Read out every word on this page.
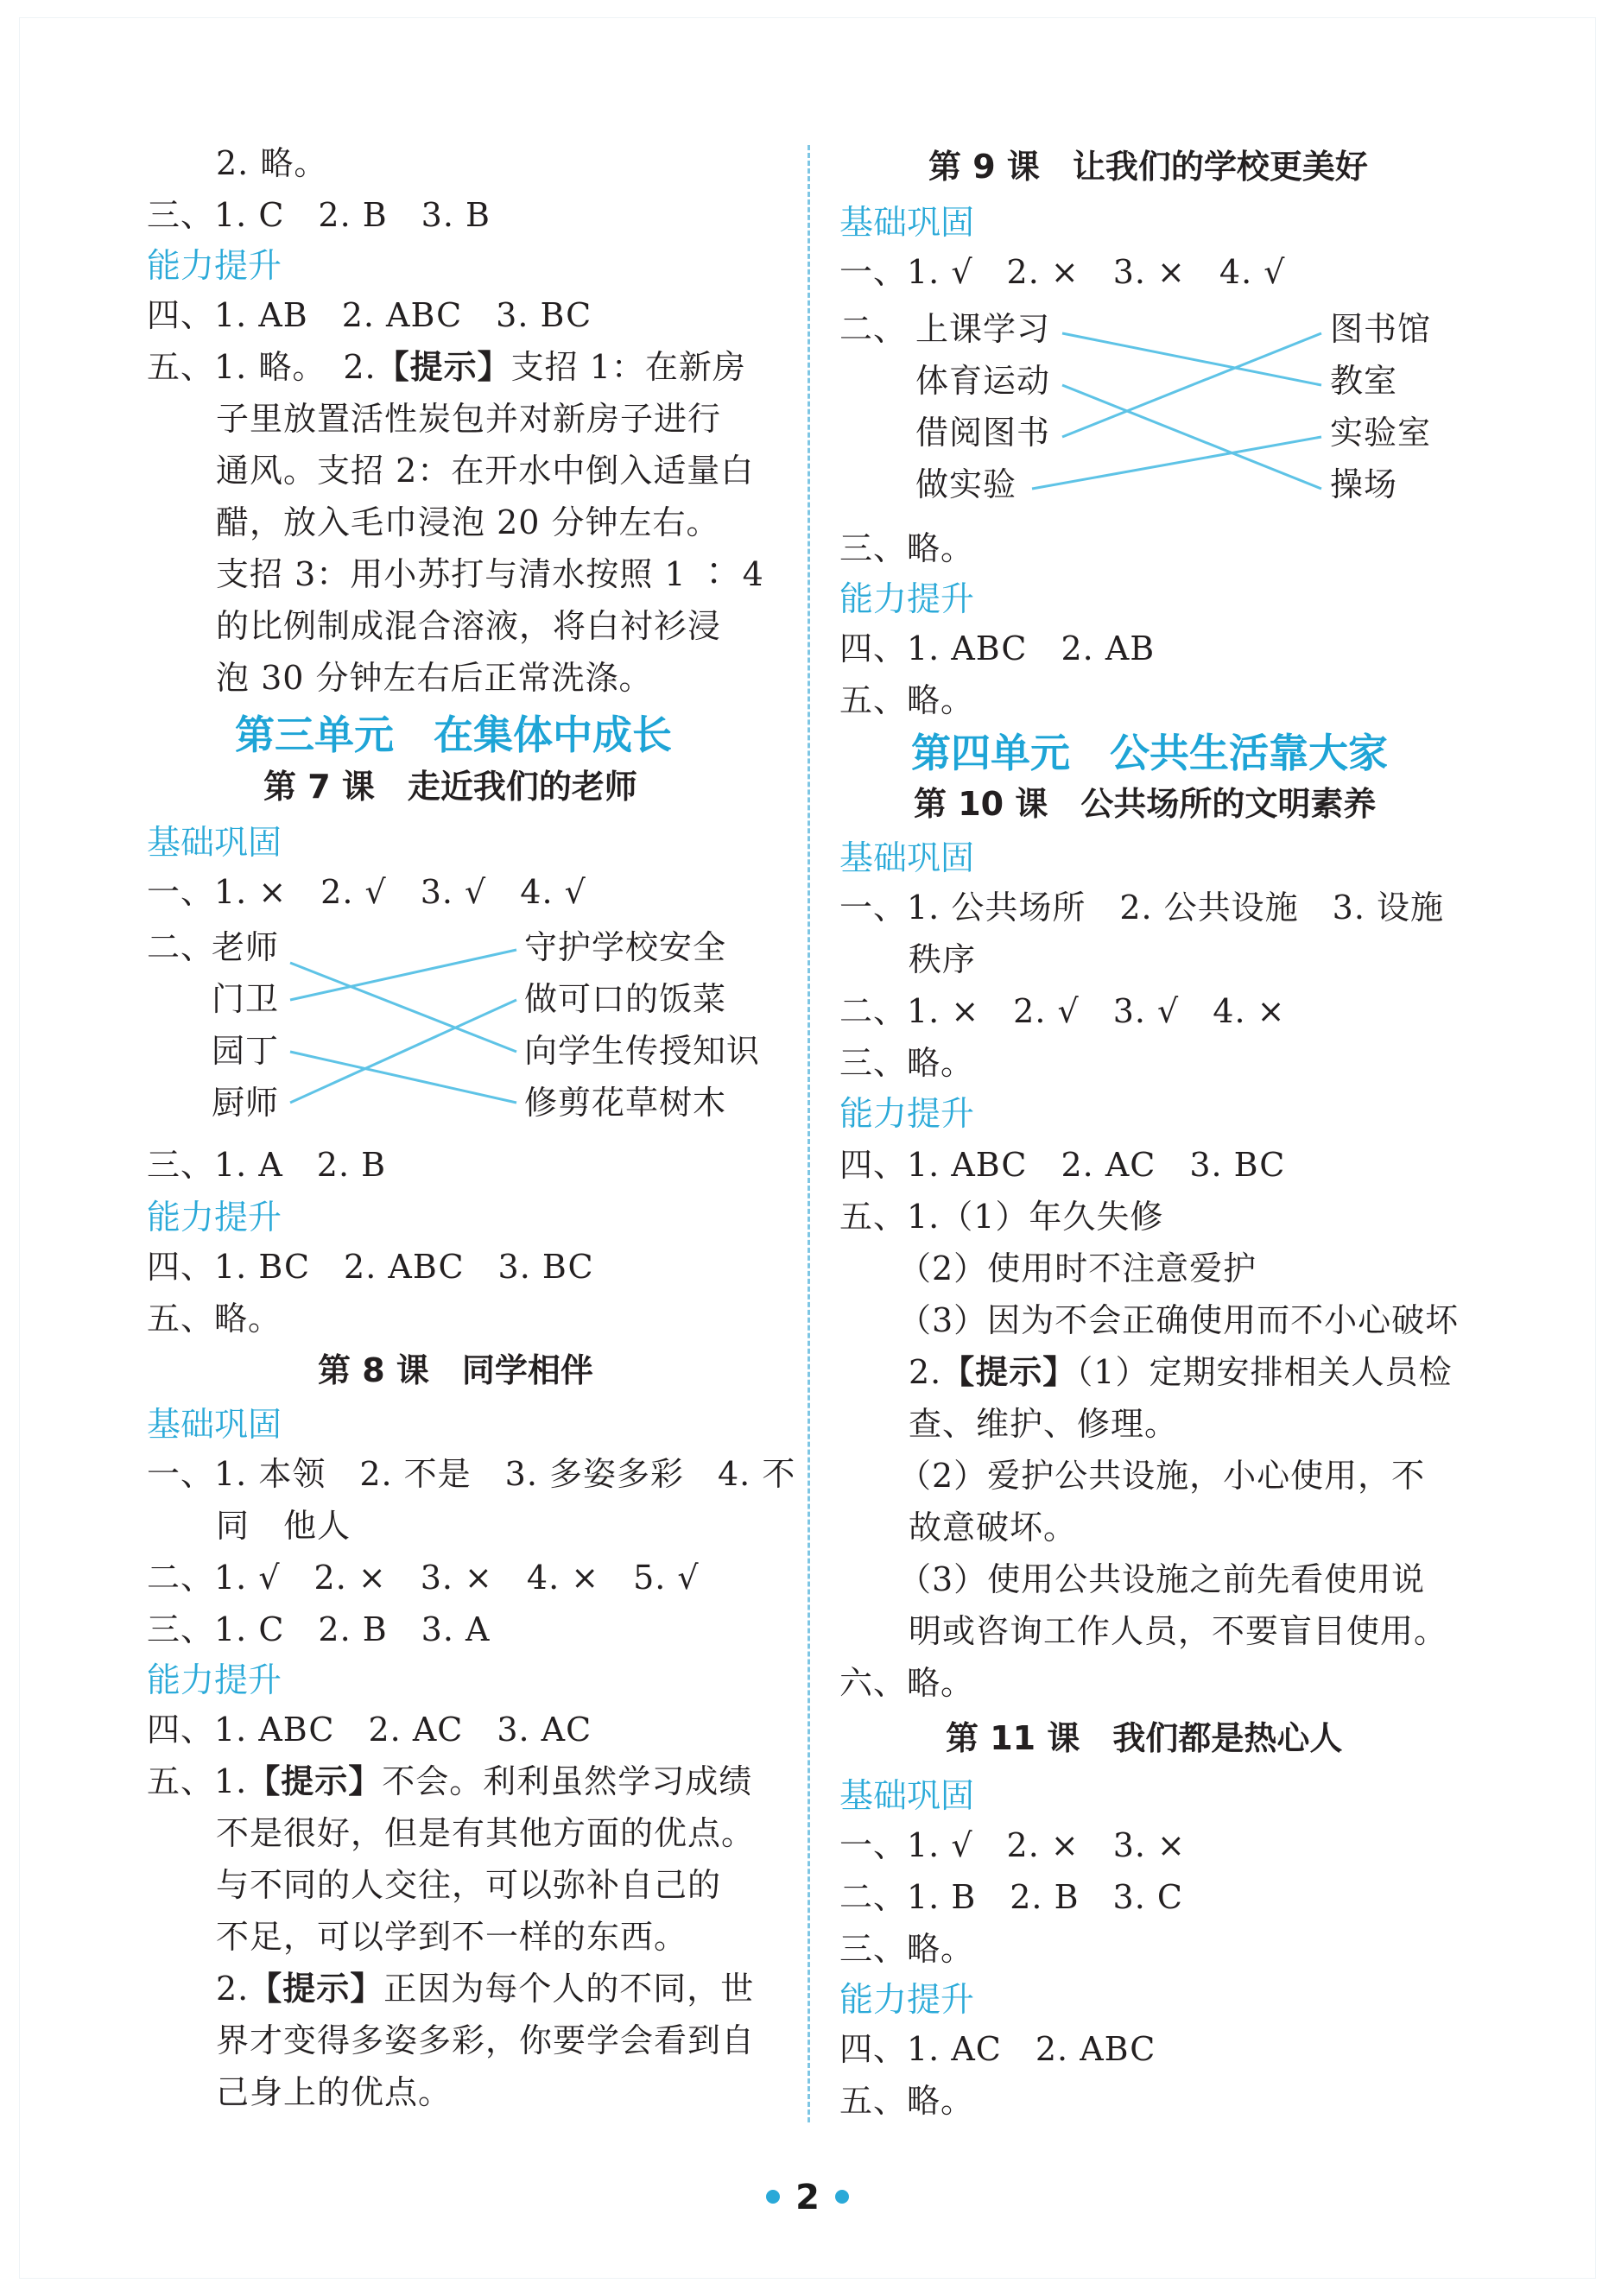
2. 略。
三、1. C　2. B　3. B
能力提升
四、1. AB　2. ABC　3. BC
五、1. 略。　2.【提示】支招 1：在新房
子里放置活性炭包并对新房子进行
通风。支招 2：在开水中倒入适量白
醋，放入毛巾浸泡 20 分钟左右。
支招 3：用小苏打与清水按照 1 ∶ 4
的比例制成混合溶液，将白衬衫浸
泡 30 分钟左右后正常洗涤。
第三单元　在集体中成长
第 7 课　走近我们的老师
基础巩固
一、1. ×　2. √　3. √　4. √
二、
老师
门卫
园丁
厨师
守护学校安全
做可口的饭菜
向学生传授知识
修剪花草树木
三、1. A　2. B
能力提升
四、1. BC　2. ABC　3. BC
五、略。
第 8 课　同学相伴
基础巩固
一、1. 本领　2. 不是　3. 多姿多彩　4. 不
同　他人
二、1. √　2. ×　3. ×　4. ×　5. √
三、1. C　2. B　3. A
能力提升
四、1. ABC　2. AC　3. AC
五、1.【提示】不会。利利虽然学习成绩
不是很好，但是有其他方面的优点。
与不同的人交往，可以弥补自己的
不足，可以学到不一样的东西。
2.【提示】正因为每个人的不同，世
界才变得多姿多彩，你要学会看到自
己身上的优点。
第 9 课　让我们的学校更美好
基础巩固
一、1. √　2. ×　3. ×　4. √
二、 上课学习
体育运动
借阅图书
做实验
图书馆
教室
实验室
操场
三、略。
能力提升
四、1. ABC　2. AB
五、略。
第四单元　公共生活靠大家
第 10 课　公共场所的文明素养
基础巩固
一、1. 公共场所　2. 公共设施　3. 设施
秩序
二、1. ×　2. √　3. √　4. ×
三、略。
能力提升
四、1. ABC　2. AC　3. BC
五、1.（1）年久失修
（2）使用时不注意爱护
（3）因为不会正确使用而不小心破坏
2.【提示】（1）定期安排相关人员检
查、维护、修理。
（2）爱护公共设施，小心使用，不
故意破坏。
（3）使用公共设施之前先看使用说
明或咨询工作人员，不要盲目使用。
六、略。
第 11 课　我们都是热心人
基础巩固
一、1. √　2. ×　3. ×
二、1. B　2. B　3. C
三、略。
能力提升
四、1. AC　2. ABC
五、略。
2
